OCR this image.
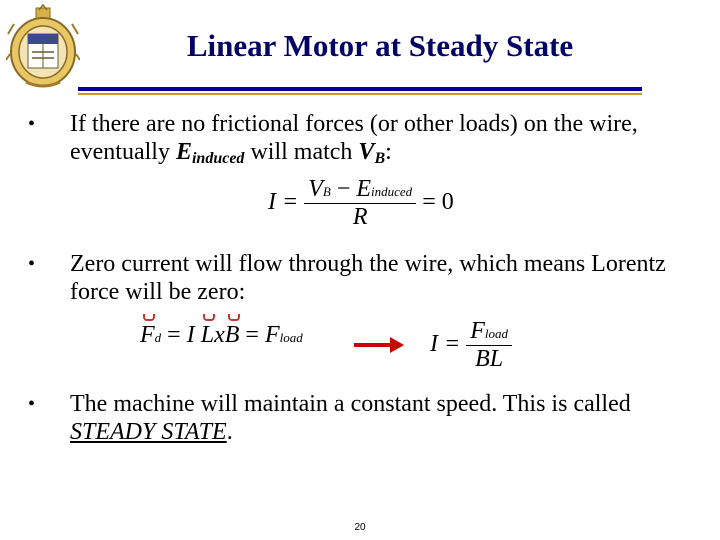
Linear Motor at Steady State
• If there are no frictional forces (or other loads) on the wire, eventually Einduced will match VB:
$I = \frac{\text{VB − Einduced}}{R} = 0$
• Zero current will flow through the wire, which means Lorentz force will be zero:
Fd = I LxB = Fload	$I = \frac{\text{Fload}}{BL}$
• The machine will maintain a constant speed. This is called STEADY STATE.
20
